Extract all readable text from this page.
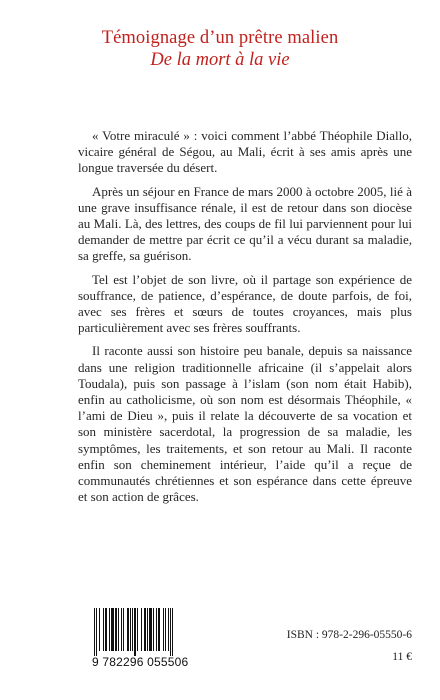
Témoignage d’un prêtre malien
De la mort à la vie

« Votre miraculé » : voici comment l’abbé Théophile Diallo, vicaire général de Ségou, au Mali, écrit à ses amis après une longue traversée du désert.

Après un séjour en France de mars 2000 à octobre 2005, lié à une grave insuffisance rénale, il est de retour dans son diocèse au Mali. Là, des lettres, des coups de fil lui parviennent pour lui demander de mettre par écrit ce qu’il a vécu durant sa maladie, sa greffe, sa guérison.

Tel est l’objet de son livre, où il partage son expérience de souffrance, de patience, d’espérance, de doute parfois, de foi, avec ses frères et sœurs de toutes croyances, mais plus particulièrement avec ses frères souffrants.

Il raconte aussi son histoire peu banale, depuis sa naissance dans une religion traditionnelle africaine (il s’appelait alors Toudala), puis son passage à l’islam (son nom était Habib), enfin au catholicisme, où son nom est désormais Théophile, « l’ami de Dieu », puis il relate la découverte de sa vocation et son ministère sacerdotal, la progression de sa maladie, les symptômes, les traitements, et son retour au Mali. Il raconte enfin son cheminement intérieur, l’aide qu’il a reçue de communautés chrétiennes et son espérance dans cette épreuve et son action de grâces.

9 782296 055506
ISBN : 978-2-296-05550-6
11 €
